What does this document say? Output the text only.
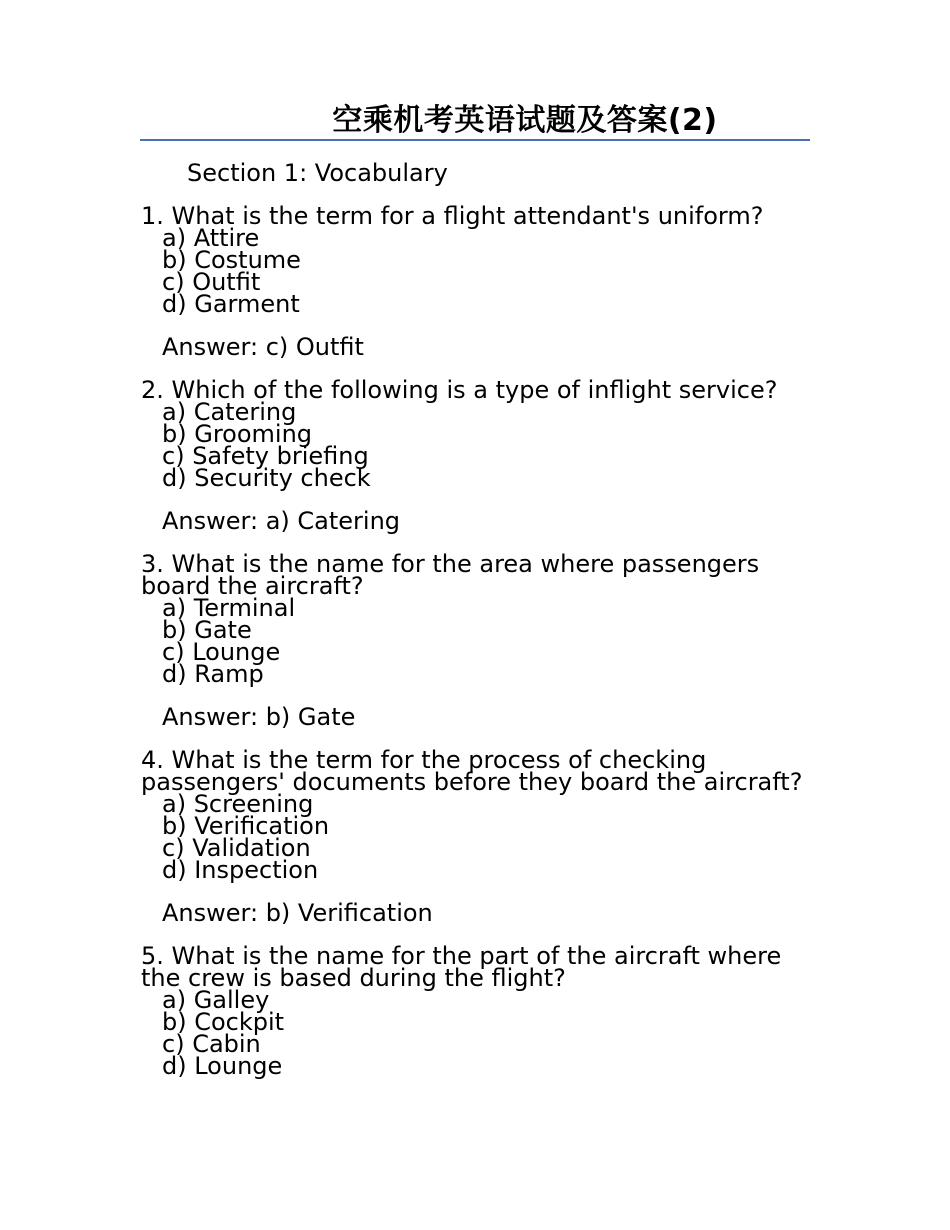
空乘机考英语试题及答案(2)
Section 1: Vocabulary
1. What is the term for a flight attendant's uniform?
a) Attire
b) Costume
c) Outfit
d) Garment
Answer: c) Outfit
2. Which of the following is a type of inflight service?
a) Catering
b) Grooming
c) Safety briefing
d) Security check
Answer: a) Catering
3. What is the name for the area where passengers
board the aircraft?
a) Terminal
b) Gate
c) Lounge
d) Ramp
Answer: b) Gate
4. What is the term for the process of checking
passengers' documents before they board the aircraft?
a) Screening
b) Verification
c) Validation
d) Inspection
Answer: b) Verification
5. What is the name for the part of the aircraft where
the crew is based during the flight?
a) Galley
b) Cockpit
c) Cabin
d) Lounge
